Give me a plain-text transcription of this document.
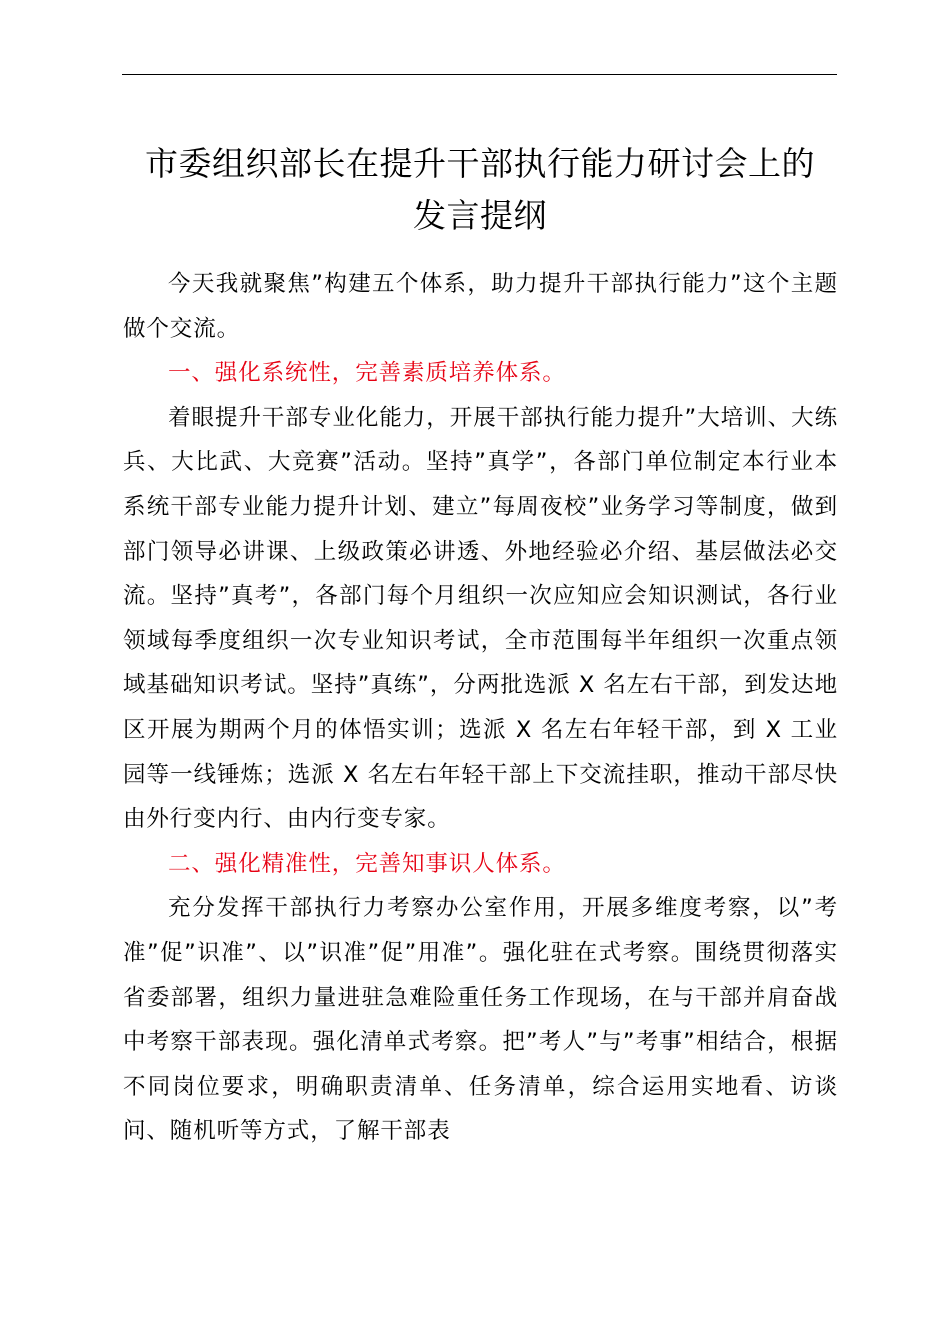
市委组织部长在提升干部执行能力研讨会上的
发言提纲

今天我就聚焦”构建五个体系，助力提升干部执行能力”这个主题做个交流。

一、强化系统性，完善素质培养体系。

着眼提升干部专业化能力，开展干部执行能力提升”大培训、大练兵、大比武、大竞赛”活动。坚持”真学”，各部门单位制定本行业本系统干部专业能力提升计划、建立”每周夜校”业务学习等制度，做到部门领导必讲课、上级政策必讲透、外地经验必介绍、基层做法必交流。坚持”真考”，各部门每个月组织一次应知应会知识测试，各行业领域每季度组织一次专业知识考试，全市范围每半年组织一次重点领域基础知识考试。坚持”真练”，分两批选派 X 名左右干部，到发达地区开展为期两个月的体悟实训；选派 X 名左右年轻干部，到 X 工业园等一线锤炼；选派 X 名左右年轻干部上下交流挂职，推动干部尽快由外行变内行、由内行变专家。

二、强化精准性，完善知事识人体系。

充分发挥干部执行力考察办公室作用，开展多维度考察，以”考准”促”识准”、以”识准”促”用准”。强化驻在式考察。围绕贯彻落实省委部署，组织力量进驻急难险重任务工作现场，在与干部并肩奋战中考察干部表现。强化清单式考察。把”考人”与”考事”相结合，根据不同岗位要求，明确职责清单、任务清单，综合运用实地看、访谈问、随机听等方式，了解干部表
